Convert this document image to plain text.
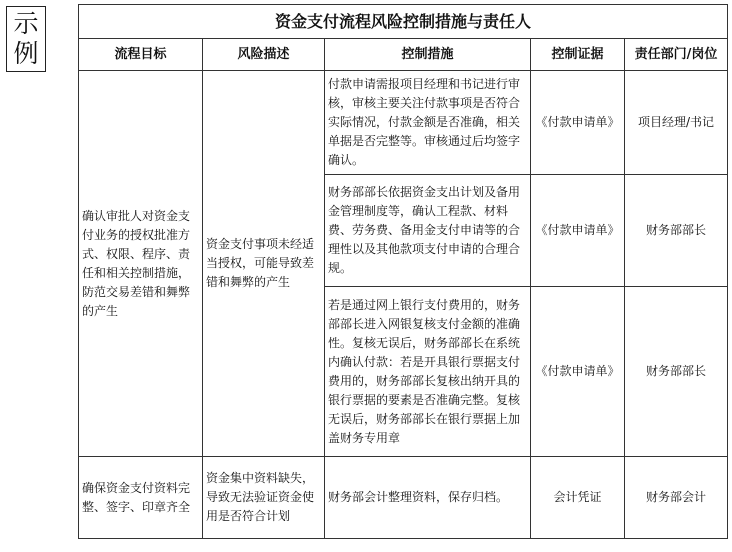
示
例
资金支付流程风险控制措施与责任人				
流程目标	风险描述	控制措施	控制证据	责任部门/岗位
确认审批人对资金支付业务的授权批准方式、权限、程序、责任和相关控制措施，防范交易差错和舞弊的产生	资金支付事项未经适当授权，可能导致差错和舞弊的产生	付款申请需报项目经理和书记进行审核，审核主要关注付款事项是否符合实际情况，付款金额是否准确，相关单据是否完整等。审核通过后均签字确认。	《付款申请单》	项目经理/书记
		财务部部长依据资金支出计划及备用金管理制度等，确认工程款、材料费、劳务费、备用金支付申请等的合理性以及其他款项支付申请的合理合规。	《付款申请单》	财务部部长
		若是通过网上银行支付费用的，财务部部长进入网银复核支付金额的准确性。复核无误后，财务部部长在系统内确认付款：若是开具银行票据支付费用的，财务部部长复核出纳开具的银行票据的要素是否准确完整。复核无误后，财务部部长在银行票据上加盖财务专用章	《付款申请单》	财务部部长
确保资金支付资料完整、签字、印章齐全	资金集中资料缺失，导致无法验证资金使用是否符合计划	财务部会计整理资料，保存归档。	会计凭证	财务部会计
